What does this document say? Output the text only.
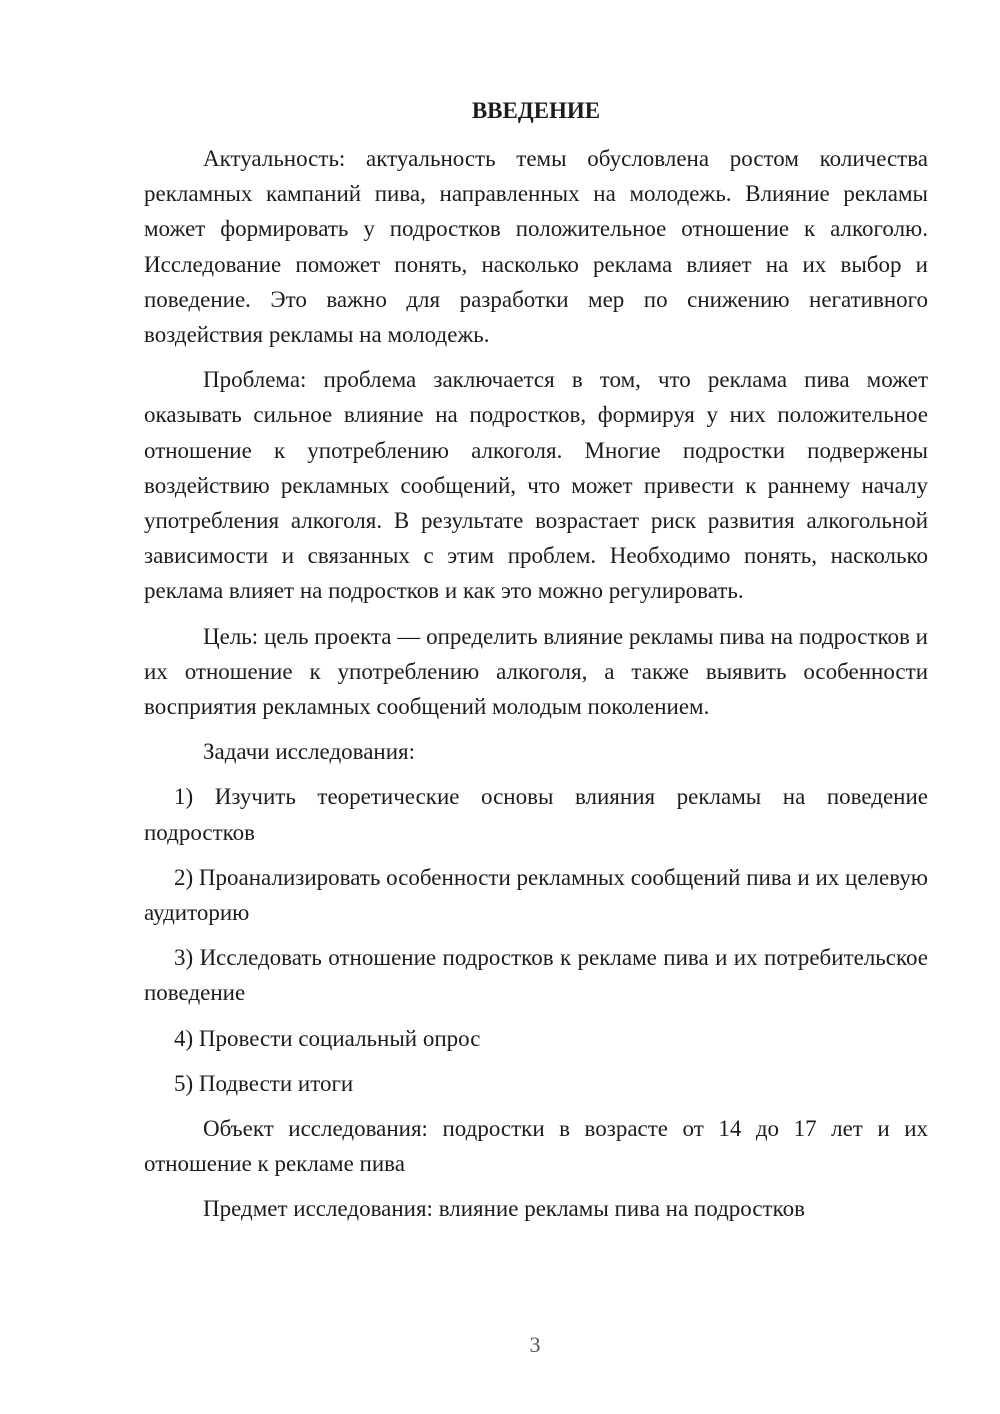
ВВЕДЕНИЕ

Актуальность: актуальность темы обусловлена ростом количества рекламных кампаний пива, направленных на молодежь. Влияние рекламы может формировать у подростков положительное отношение к алкоголю. Исследование поможет понять, насколько реклама влияет на их выбор и поведение. Это важно для разработки мер по снижению негативного воздействия рекламы на молодежь.

Проблема: проблема заключается в том, что реклама пива может оказывать сильное влияние на подростков, формируя у них положительное отношение к употреблению алкоголя. Многие подростки подвержены воздействию рекламных сообщений, что может привести к раннему началу употребления алкоголя. В результате возрастает риск развития алкогольной зависимости и связанных с этим проблем. Необходимо понять, насколько реклама влияет на подростков и как это можно регулировать.

Цель: цель проекта — определить влияние рекламы пива на подростков и их отношение к употреблению алкоголя, а также выявить особенности восприятия рекламных сообщений молодым поколением.

Задачи исследования:

1) Изучить теоретические основы влияния рекламы на поведение подростков

2) Проанализировать особенности рекламных сообщений пива и их целевую аудиторию

3) Исследовать отношение подростков к рекламе пива и их потребительское поведение

4) Провести социальный опрос

5) Подвести итоги

Объект исследования: подростки в возрасте от 14 до 17 лет и их отношение к рекламе пива

Предмет исследования: влияние рекламы пива на подростков

3
